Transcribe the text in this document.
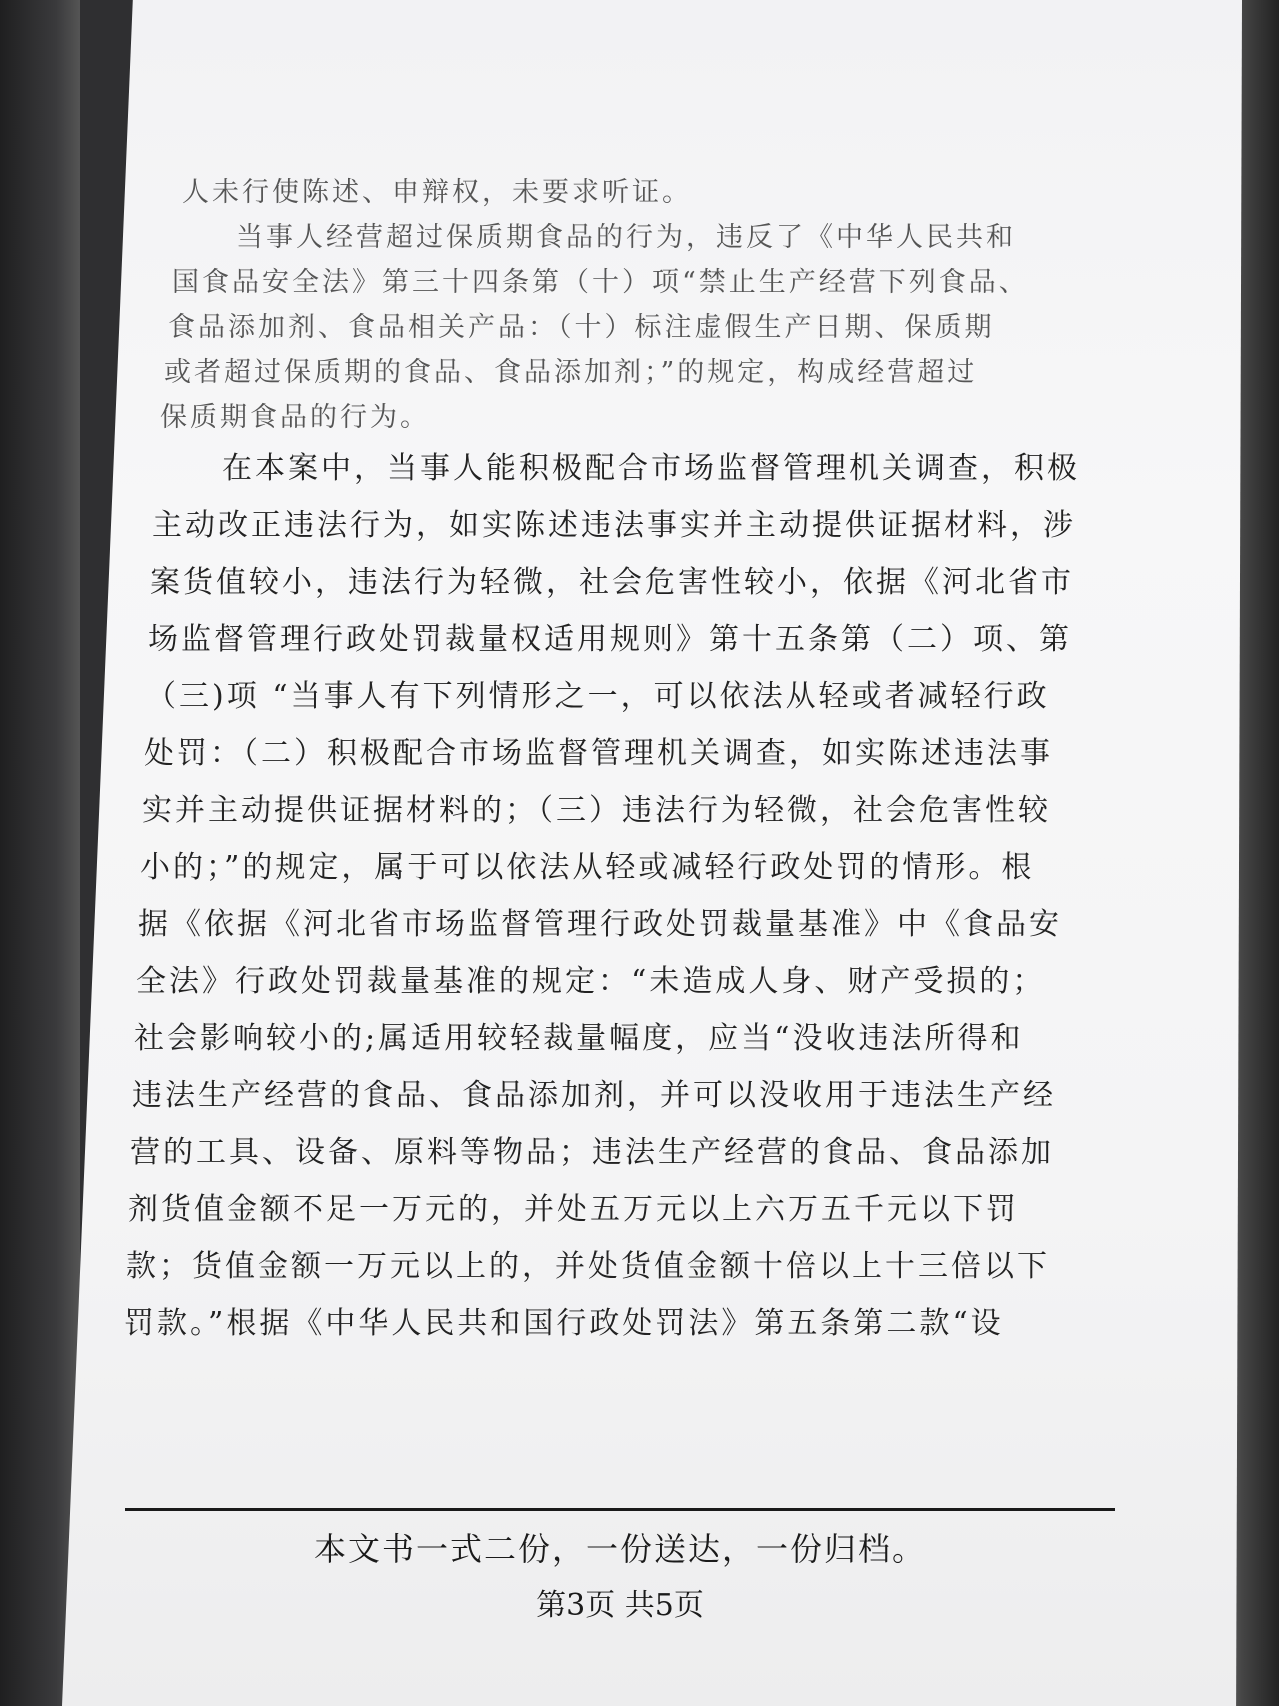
人未行使陈述、申辩权，未要求听证。
　　当事人经营超过保质期食品的行为，违反了《中华人民共和
国食品安全法》第三十四条第（十）项“禁止生产经营下列食品、
食品添加剂、食品相关产品：（十）标注虚假生产日期、保质期
或者超过保质期的食品、食品添加剂；”的规定，构成经营超过
保质期食品的行为。
　　在本案中，当事人能积极配合市场监督管理机关调查，积极
主动改正违法行为，如实陈述违法事实并主动提供证据材料，涉
案货值较小，违法行为轻微，社会危害性较小，依据《河北省市
场监督管理行政处罚裁量权适用规则》第十五条第（二）项、第
（三)项 “当事人有下列情形之一，可以依法从轻或者减轻行政
处罚：（二）积极配合市场监督管理机关调查，如实陈述违法事
实并主动提供证据材料的；（三）违法行为轻微，社会危害性较
小的；”的规定，属于可以依法从轻或减轻行政处罚的情形。根
据《依据《河北省市场监督管理行政处罚裁量基准》中《食品安
全法》行政处罚裁量基准的规定：“未造成人身、财产受损的；
社会影响较小的;属适用较轻裁量幅度，应当“没收违法所得和
违法生产经营的食品、食品添加剂，并可以没收用于违法生产经
营的工具、设备、原料等物品；违法生产经营的食品、食品添加
剂货值金额不足一万元的，并处五万元以上六万五千元以下罚
款；货值金额一万元以上的，并处货值金额十倍以上十三倍以下
罚款。”根据《中华人民共和国行政处罚法》第五条第二款“设
本文书一式二份，一份送达，一份归档。
第3页 共5页
